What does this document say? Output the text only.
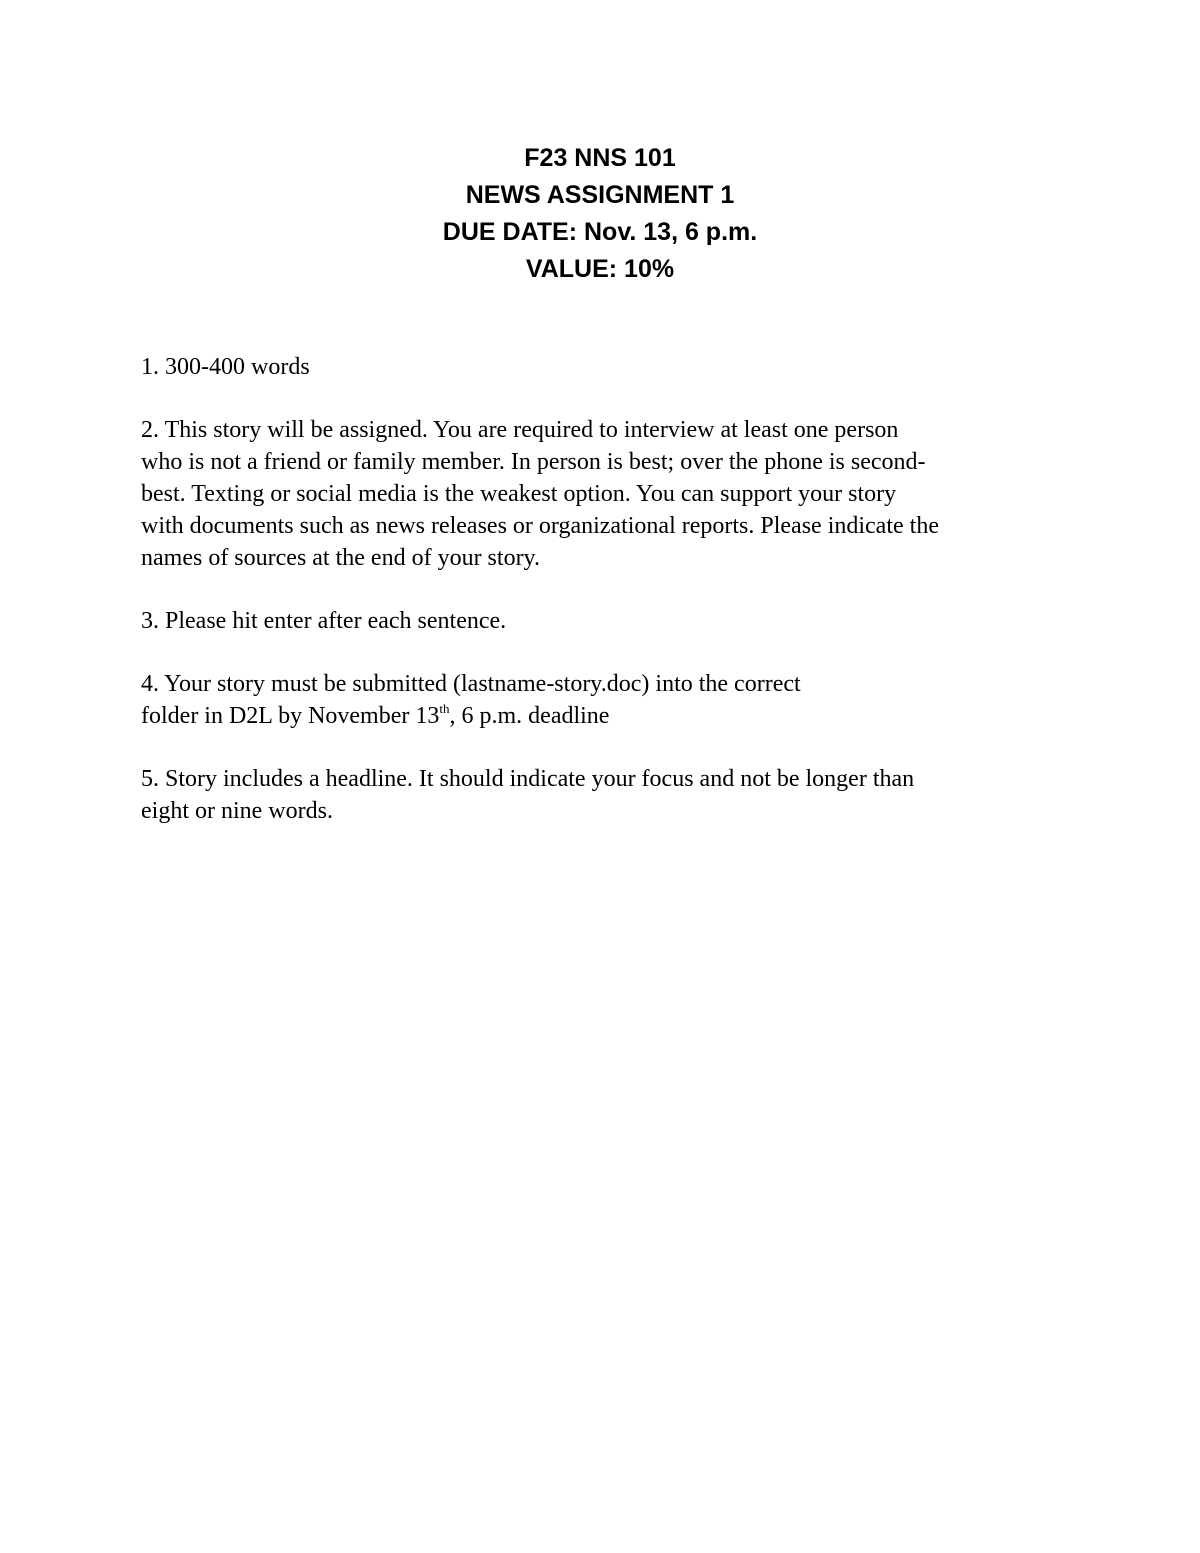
F23 NNS 101
NEWS ASSIGNMENT 1
DUE DATE: Nov. 13, 6 p.m.
VALUE: 10%
1. 300-400 words
2. This story will be assigned. You are required to interview at least one person
who is not a friend or family member. In person is best; over the phone is second-
best. Texting or social media is the weakest option. You can support your story
with documents such as news releases or organizational reports. Please indicate the
names of sources at the end of your story.
3. Please hit enter after each sentence.
4. Your story must be submitted (lastname-story.doc) into the correct
folder in D2L by November 13th, 6 p.m. deadline
5. Story includes a headline. It should indicate your focus and not be longer than
eight or nine words.
